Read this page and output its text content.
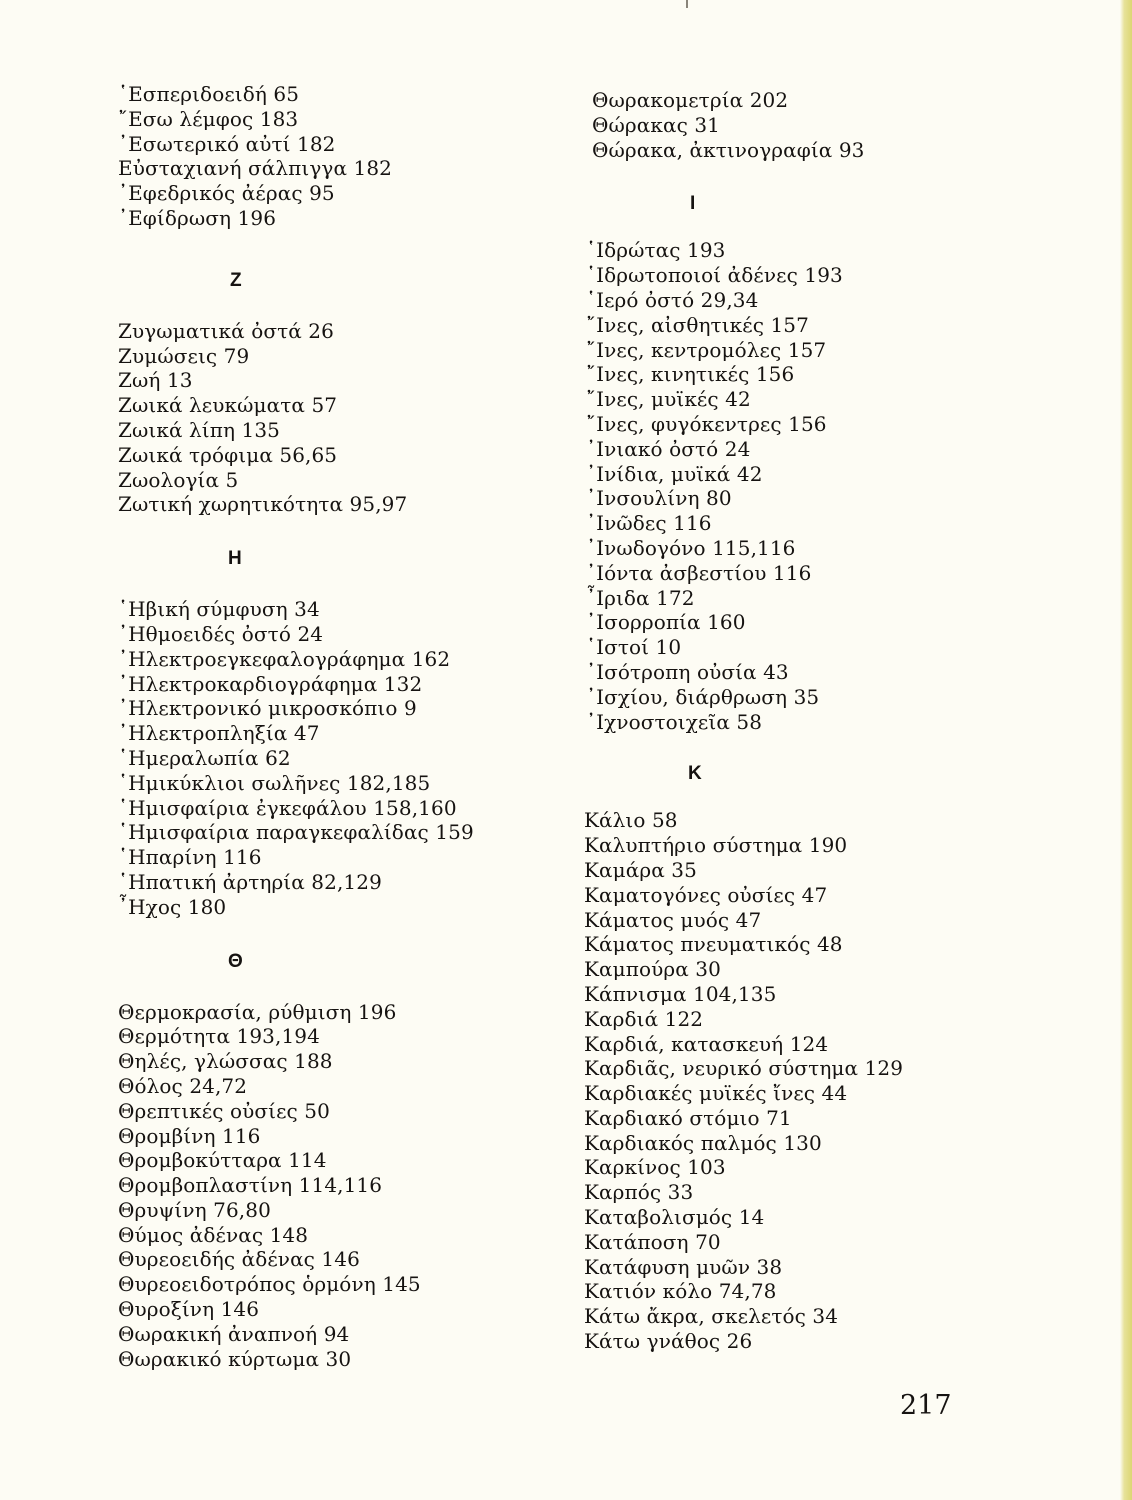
῾Εσπεριδοειδή 65
῎Εσω λέμφος 183
᾽Εσωτερικό αὐτί 182
Εὐσταχιανή σάλπιγγα 182
᾽Εφεδρικός ἀέρας 95
᾽Εφίδρωση 196
Z
Ζυγωματικά ὀστά 26
Ζυμώσεις 79
Ζωή 13
Ζωικά λευκώματα 57
Ζωικά λίπη 135
Ζωικά τρόφιμα 56,65
Ζωολογία 5
Ζωτική χωρητικότητα 95,97
H
῾Ηβική σύμφυση 34
᾽Ηθμοειδές ὀστό 24
᾽Ηλεκτροεγκεφαλογράφημα 162
᾽Ηλεκτροκαρδιογράφημα 132
᾽Ηλεκτρονικό μικροσκόπιο 9
᾽Ηλεκτροπληξία 47
῾Ημεραλωπία 62
῾Ημικύκλιοι σωλῆνες 182,185
῾Ημισφαίρια ἐγκεφάλου 158,160
῾Ημισφαίρια παραγκεφαλίδας 159
῾Ηπαρίνη 116
῾Ηπατική ἀρτηρία 82,129
῏Ηχος 180
Θ
Θερμοκρασία, ρύθμιση 196
Θερμότητα 193,194
Θηλές, γλώσσας 188
Θόλος 24,72
Θρεπτικές οὐσίες 50
Θρομβίνη 116
Θρομβοκύτταρα 114
Θρομβοπλαστίνη 114,116
Θρυψίνη 76,80
Θύμος ἀδένας 148
Θυρεοειδής ἀδένας 146
Θυρεοειδοτρόπος ὁρμόνη 145
Θυροξίνη 146
Θωρακική ἀναπνοή 94
Θωρακικό κύρτωμα 30
Θωρακομετρία 202
Θώρακας 31
Θώρακα, ἀκτινογραφία 93
I
῾Ιδρώτας 193
῾Ιδρωτοποιοί ἀδένες 193
῾Ιερό ὀστό 29,34
῎Ινες, αἰσθητικές 157
῎Ινες, κεντρομόλες 157
῎Ινες, κινητικές 156
῎Ινες, μυϊκές 42
῎Ινες, φυγόκεντρες 156
᾽Ινιακό ὀστό 24
᾽Ινίδια, μυϊκά 42
᾽Ινσουλίνη 80
᾽Ινῶδες 116
᾽Ινωδογόνο 115,116
᾽Ιόντα ἀσβεστίου 116
῏Ιριδα 172
᾽Ισορροπία 160
῾Ιστοί 10
᾽Ισότροπη οὐσία 43
᾽Ισχίου, διάρθρωση 35
᾽Ιχνοστοιχεῖα 58
K
Κάλιο 58
Καλυπτήριο σύστημα 190
Καμάρα 35
Καματογόνες οὐσίες 47
Κάματος μυός 47
Κάματος πνευματικός 48
Καμπούρα 30
Κάπνισμα 104,135
Καρδιά 122
Καρδιά, κατασκευή 124
Καρδιᾶς, νευρικό σύστημα 129
Καρδιακές μυϊκές ἴνες 44
Καρδιακό στόμιο 71
Καρδιακός παλμός 130
Καρκίνος 103
Καρπός 33
Καταβολισμός 14
Κατάποση 70
Κατάφυση μυῶν 38
Κατιόν κόλο 74,78
Κάτω ἄκρα, σκελετός 34
Κάτω γνάθος 26
217
